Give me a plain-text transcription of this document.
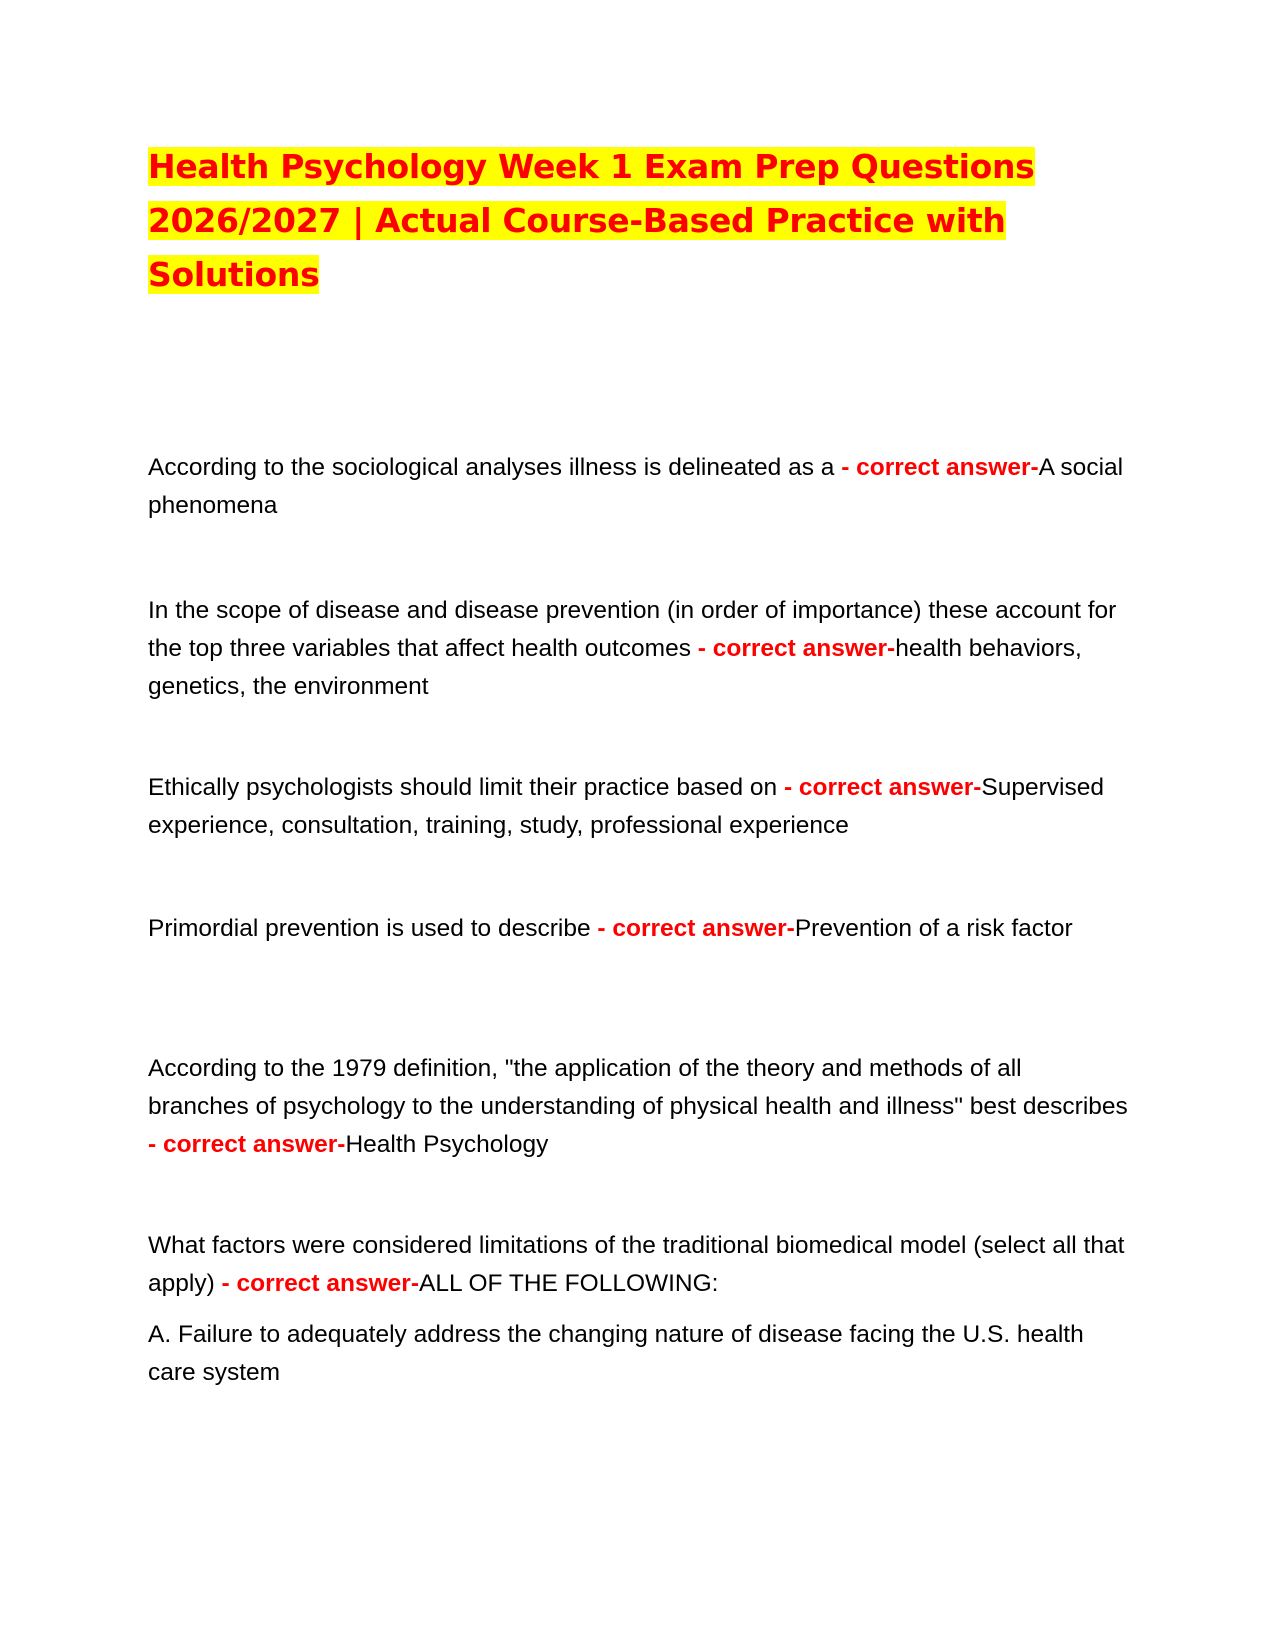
Health Psychology Week 1 Exam Prep Questions 2026/2027 | Actual Course-Based Practice with Solutions

According to the sociological analyses illness is delineated as a - correct answer-A social phenomena

In the scope of disease and disease prevention (in order of importance) these account for the top three variables that affect health outcomes - correct answer-health behaviors, genetics, the environment

Ethically psychologists should limit their practice based on - correct answer-Supervised experience, consultation, training, study, professional experience

Primordial prevention is used to describe - correct answer-Prevention of a risk factor

According to the 1979 definition, "the application of the theory and methods of all branches of psychology to the understanding of physical health and illness" best describes - correct answer-Health Psychology

What factors were considered limitations of the traditional biomedical model (select all that apply) - correct answer-ALL OF THE FOLLOWING:

A. Failure to adequately address the changing nature of disease facing the U.S. health care system
